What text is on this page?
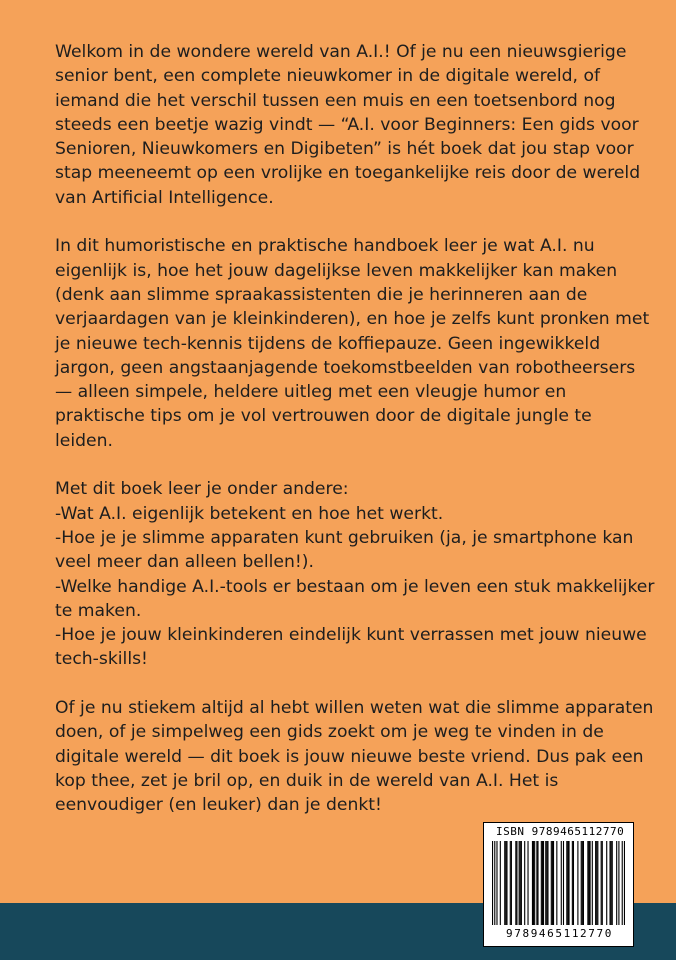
Welkom in de wondere wereld van A.I.! Of je nu een nieuwsgierige senior bent, een complete nieuwkomer in de digitale wereld, of iemand die het verschil tussen een muis en een toetsenbord nog steeds een beetje wazig vindt — “A.I. voor Beginners: Een gids voor Senioren, Nieuwkomers en Digibeten” is hét boek dat jou stap voor stap meeneemt op een vrolijke en toegankelijke reis door de wereld van Artificial Intelligence.

In dit humoristische en praktische handboek leer je wat A.I. nu eigenlijk is, hoe het jouw dagelijkse leven makkelijker kan maken (denk aan slimme spraakassistenten die je herinneren aan de verjaardagen van je kleinkinderen), en hoe je zelfs kunt pronken met je nieuwe tech-kennis tijdens de koffiepauze. Geen ingewikkeld jargon, geen angstaanjagende toekomstbeelden van robotheersers — alleen simpele, heldere uitleg met een vleugje humor en praktische tips om je vol vertrouwen door de digitale jungle te leiden.

Met dit boek leer je onder andere:
-Wat A.I. eigenlijk betekent en hoe het werkt.
-Hoe je je slimme apparaten kunt gebruiken (ja, je smartphone kan veel meer dan alleen bellen!).
-Welke handige A.I.-tools er bestaan om je leven een stuk makkelijker te maken.
-Hoe je jouw kleinkinderen eindelijk kunt verrassen met jouw nieuwe tech-skills!

Of je nu stiekem altijd al hebt willen weten wat die slimme apparaten doen, of je simpelweg een gids zoekt om je weg te vinden in de digitale wereld — dit boek is jouw nieuwe beste vriend. Dus pak een kop thee, zet je bril op, en duik in de wereld van A.I. Het is eenvoudiger (en leuker) dan je denkt!

ISBN 9789465112770
9789465112770
